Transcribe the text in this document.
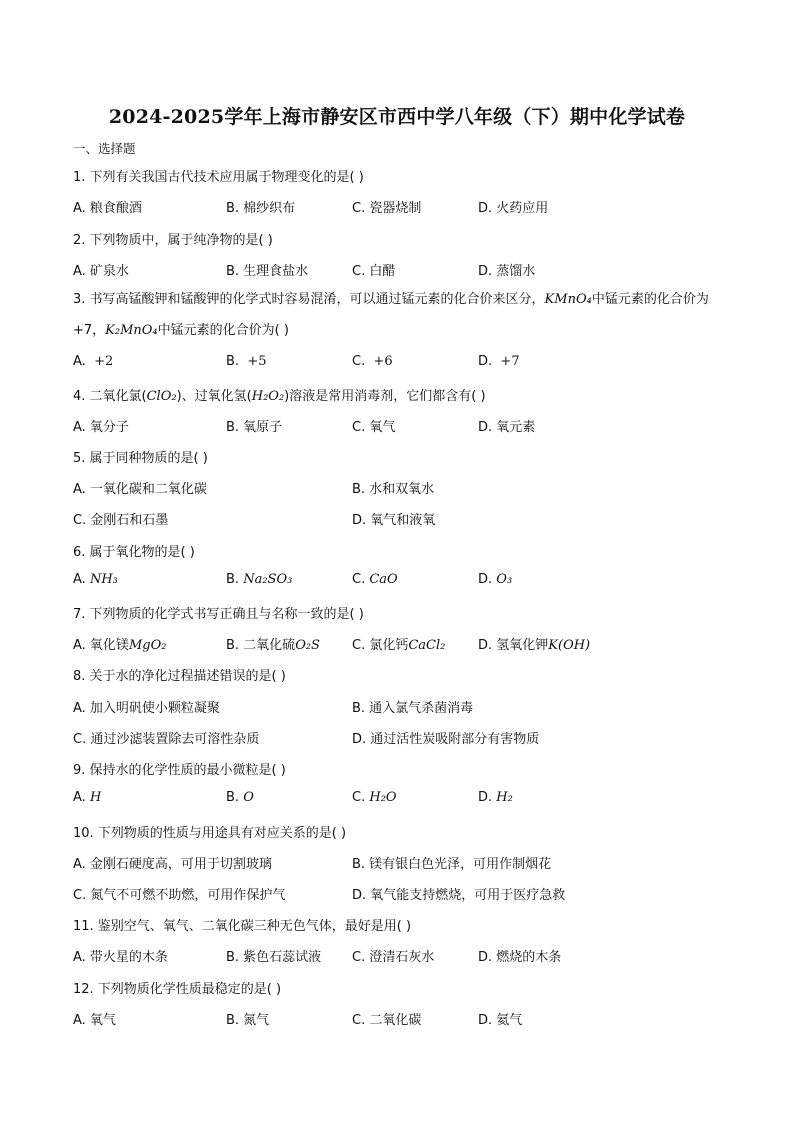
2024-2025学年上海市静安区市西中学八年级（下）期中化学试卷
一、选择题
1. 下列有关我国古代技术应用属于物理变化的是( )
A. 粮食酿酒	B. 棉纱织布	C. 瓷器烧制	D. 火药应用
2. 下列物质中，属于纯净物的是( )
A. 矿泉水	B. 生理食盐水	C. 白醋	D. 蒸馏水
3. 书写高锰酸钾和锰酸钾的化学式时容易混淆，可以通过锰元素的化合价来区分，KMnO₄中锰元素的化合价为 +7，K₂MnO₄中锰元素的化合价为( )
A. +2	B. +5	C. +6	D. +7
4. 二氧化氯(ClO₂)、过氧化氢(H₂O₂)溶液是常用消毒剂，它们都含有( )
A. 氧分子	B. 氧原子	C. 氧气	D. 氧元素
5. 属于同种物质的是( )
A. 一氧化碳和二氧化碳	B. 水和双氧水
C. 金刚石和石墨	D. 氧气和液氧
6. 属于氧化物的是( )
A. NH₃	B. Na₂SO₃	C. CaO	D. O₃
7. 下列物质的化学式书写正确且与名称一致的是( )
A. 氧化镁MgO₂	B. 二氧化硫O₂S C. 氯化钙CaCl₂	D. 氢氧化钾K(OH)
8. 关于水的净化过程描述错误的是( )
A. 加入明矾使小颗粒凝聚	B. 通入氯气杀菌消毒
C. 通过沙滤装置除去可溶性杂质	D. 通过活性炭吸附部分有害物质
9. 保持水的化学性质的最小微粒是( )
A. H	B. O	C. H₂O	D. H₂
10. 下列物质的性质与用途具有对应关系的是( )
A. 金刚石硬度高，可用于切割玻璃	B. 镁有银白色光泽，可用作制烟花
C. 氮气不可燃不助燃，可用作保护气	D. 氧气能支持燃烧，可用于医疗急救
11. 鉴别空气、氧气、二氧化碳三种无色气体，最好是用( )
A. 带火星的木条	B. 紫色石蕊试液 C. 澄清石灰水	D. 燃烧的木条
12. 下列物质化学性质最稳定的是( )
A. 氧气	B. 氮气	C. 二氧化碳	D. 氦气
